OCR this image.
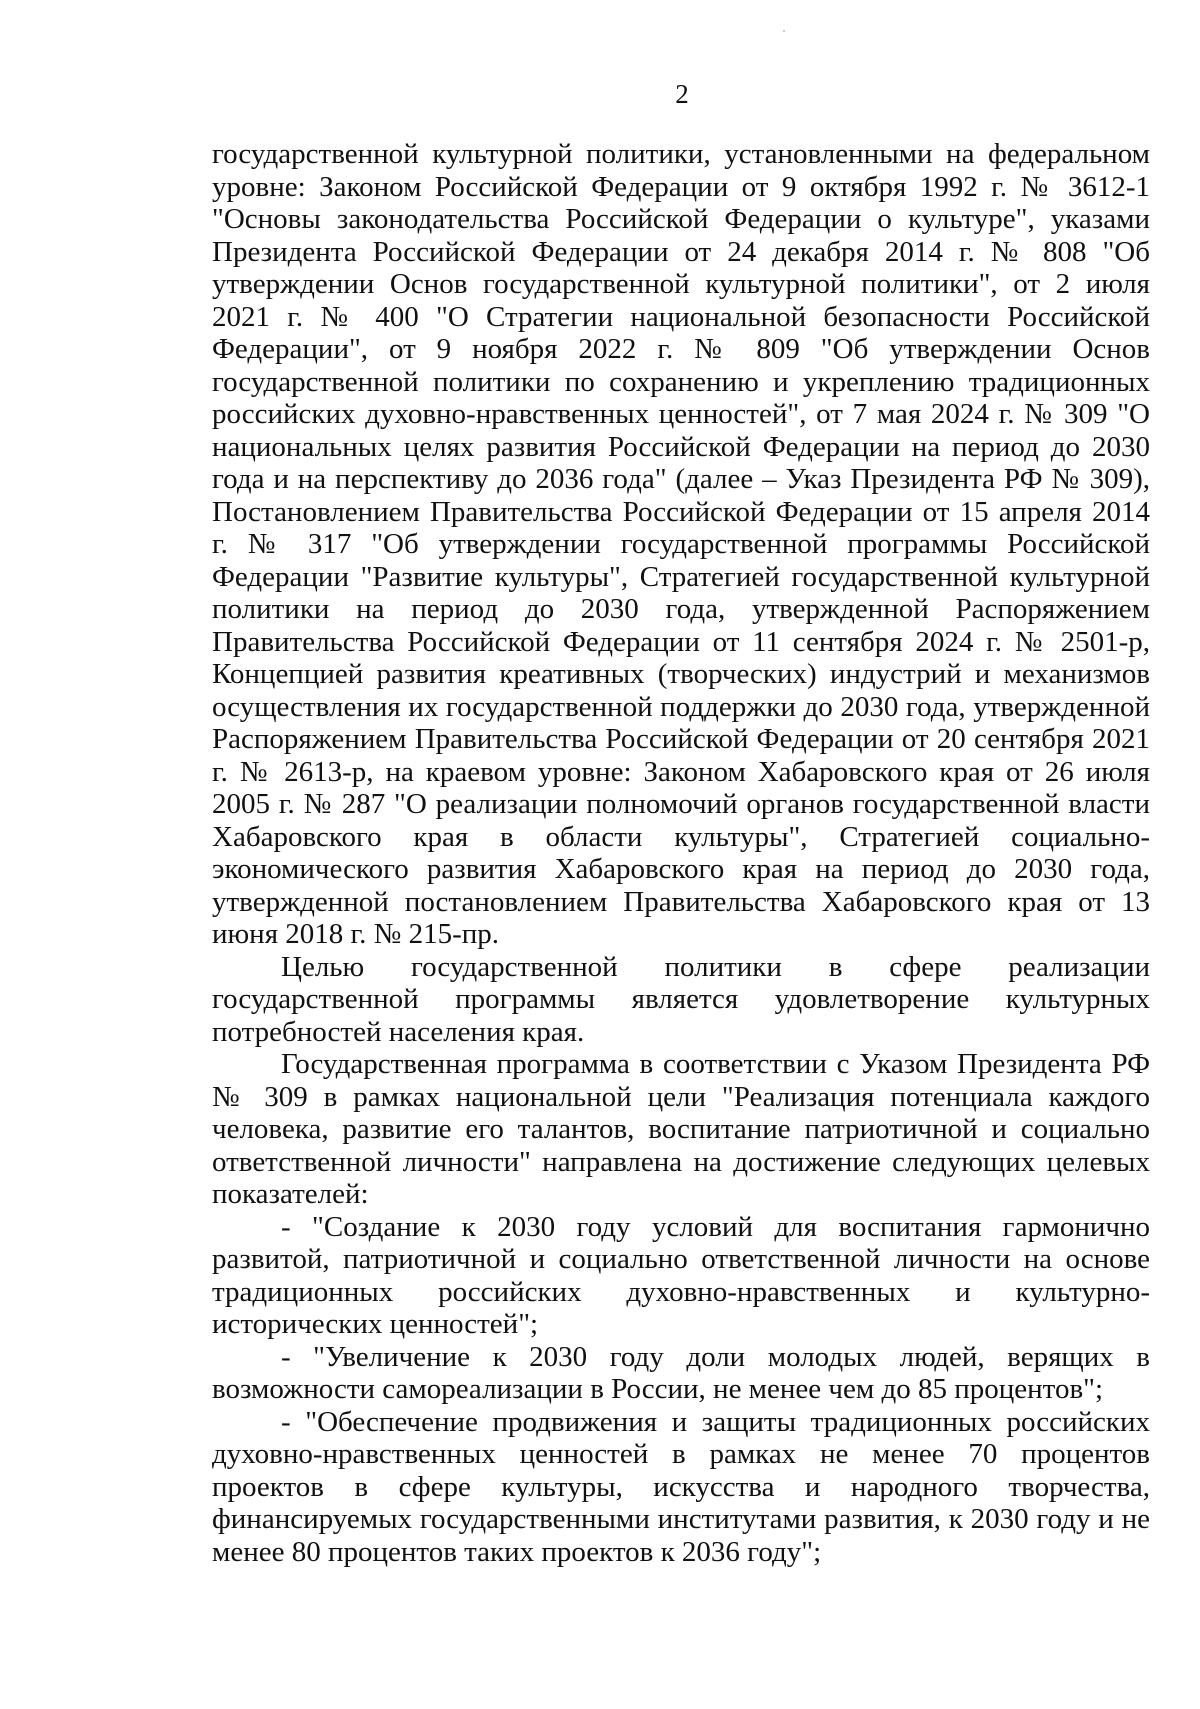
2

государственной культурной политики, установленными на федеральном уровне: Законом Российской Федерации от 9 октября 1992 г. № 3612-1 "Основы законодательства Российской Федерации о культуре", указами Президента Российской Федерации от 24 декабря 2014 г. № 808 "Об утверждении Основ государственной культурной политики", от 2 июля 2021 г. № 400 "О Стратегии национальной безопасности Российской Федерации", от 9 ноября 2022 г. № 809 "Об утверждении Основ государственной политики по сохранению и укреплению традиционных российских духовно-нравственных ценностей", от 7 мая 2024 г. № 309 "О национальных целях развития Российской Федерации на период до 2030 года и на перспективу до 2036 года" (далее – Указ Президента РФ № 309), Постановлением Правительства Российской Федерации от 15 апреля 2014 г. № 317 "Об утверждении государственной программы Российской Федерации "Развитие культуры", Стратегией государственной культурной политики на период до 2030 года, утвержденной Распоряжением Правительства Российской Федерации от 11 сентября 2024 г. № 2501-р, Концепцией развития креативных (творческих) индустрий и механизмов осуществления их государственной поддержки до 2030 года, утвержденной Распоряжением Правительства Российской Федерации от 20 сентября 2021 г. № 2613-р, на краевом уровне: Законом Хабаровского края от 26 июля 2005 г. № 287 "О реализации полномочий органов государственной власти Хабаровского края в области культуры", Стратегией социально-экономического развития Хабаровского края на период до 2030 года, утвержденной постановлением Правительства Хабаровского края от 13 июня 2018 г. № 215-пр.

Целью государственной политики в сфере реализации государственной программы является удовлетворение культурных потребностей населения края.

Государственная программа в соответствии с Указом Президента РФ № 309 в рамках национальной цели "Реализация потенциала каждого человека, развитие его талантов, воспитание патриотичной и социально ответственной личности" направлена на достижение следующих целевых показателей:

- "Создание к 2030 году условий для воспитания гармонично развитой, патриотичной и социально ответственной личности на основе традиционных российских духовно-нравственных и культурно-исторических ценностей";

- "Увеличение к 2030 году доли молодых людей, верящих в возможности самореализации в России, не менее чем до 85 процентов";

- "Обеспечение продвижения и защиты традиционных российских духовно-нравственных ценностей в рамках не менее 70 процентов проектов в сфере культуры, искусства и народного творчества, финансируемых государственными институтами развития, к 2030 году и не менее 80 процентов таких проектов к 2036 году";
